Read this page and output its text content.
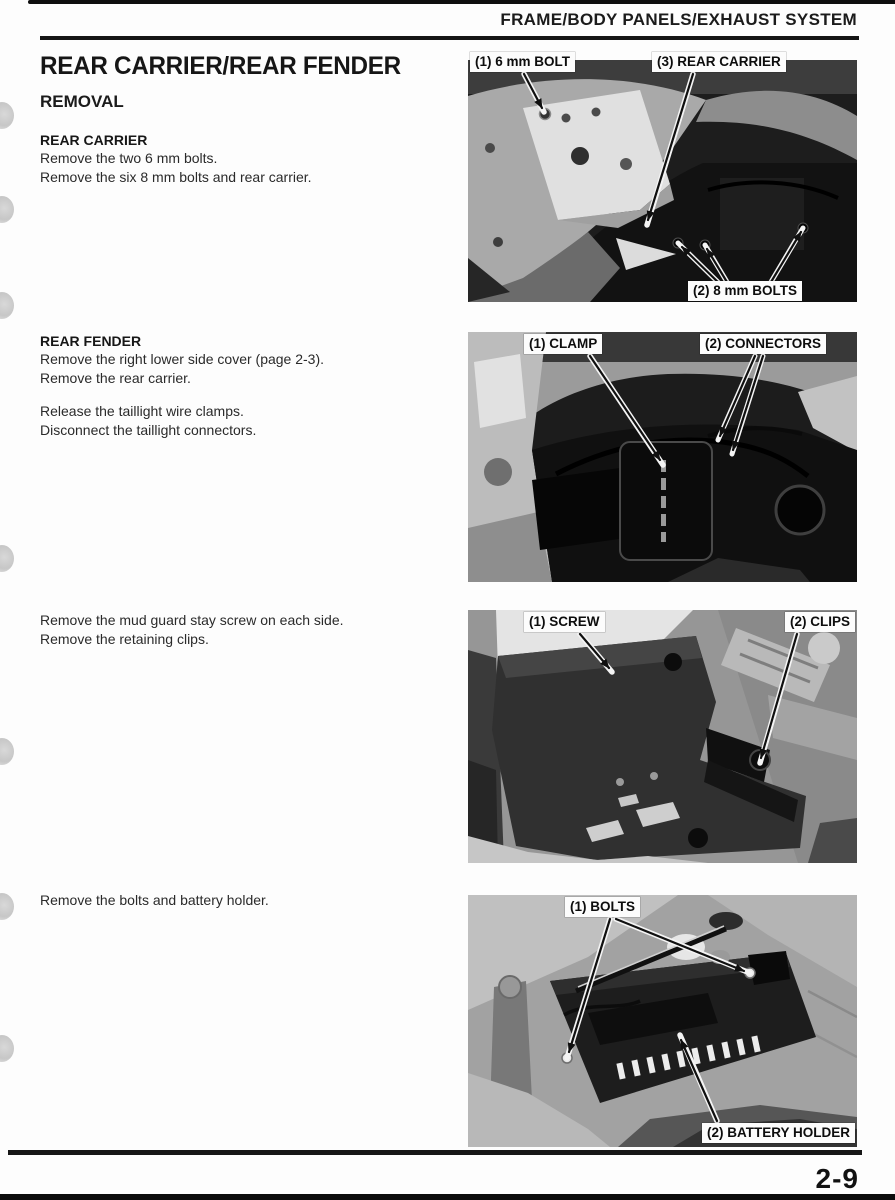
FRAME/BODY PANELS/EXHAUST SYSTEM
REAR CARRIER/REAR FENDER
REMOVAL
REAR CARRIER
Remove the two 6 mm bolts.
Remove the six 8 mm bolts and rear carrier.
REAR FENDER
Remove the right lower side cover (page 2-3).
Remove the rear carrier.
Release the taillight wire clamps.
Disconnect the taillight connectors.
Remove the mud guard stay screw on each side.
Remove the retaining clips.
Remove the bolts and battery holder.
(1) 6 mm BOLT	(3) REAR CARRIER
(2) 8 mm BOLTS
(1) CLAMP	(2) CONNECTORS
(1) SCREW	(2) CLIPS
(1) BOLTS
(2) BATTERY HOLDER
2-9
